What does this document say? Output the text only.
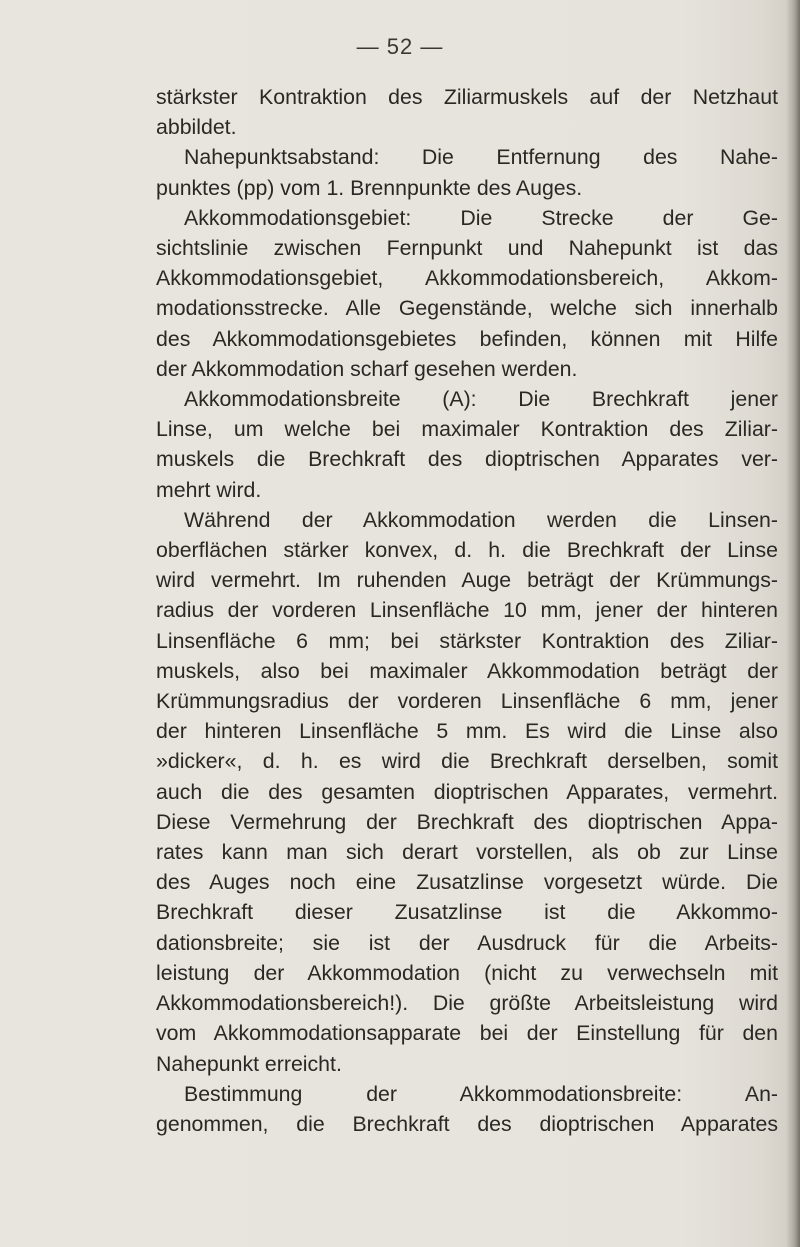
— 52 —
stärkster Kontraktion des Ziliarmuskels auf der Netzhaut
abbildet.
Nahepunktsabstand: Die Entfernung des Nahe-
punktes (pp) vom 1. Brennpunkte des Auges.
Akkommodationsgebiet: Die Strecke der Ge-
sichtslinie zwischen Fernpunkt und Nahepunkt ist das
Akkommodationsgebiet, Akkommodationsbereich, Akkom-
modationsstrecke. Alle Gegenstände, welche sich innerhalb
des Akkommodationsgebietes befinden, können mit Hilfe
der Akkommodation scharf gesehen werden.
Akkommodationsbreite (A): Die Brechkraft jener
Linse, um welche bei maximaler Kontraktion des Ziliar-
muskels die Brechkraft des dioptrischen Apparates ver-
mehrt wird.
Während der Akkommodation werden die Linsen-
oberflächen stärker konvex, d. h. die Brechkraft der Linse
wird vermehrt. Im ruhenden Auge beträgt der Krümmungs-
radius der vorderen Linsenfläche 10 mm, jener der hinteren
Linsenfläche 6 mm; bei stärkster Kontraktion des Ziliar-
muskels, also bei maximaler Akkommodation beträgt der
Krümmungsradius der vorderen Linsenfläche 6 mm, jener
der hinteren Linsenfläche 5 mm. Es wird die Linse also
»dicker«, d. h. es wird die Brechkraft derselben, somit
auch die des gesamten dioptrischen Apparates, vermehrt.
Diese Vermehrung der Brechkraft des dioptrischen Appa-
rates kann man sich derart vorstellen, als ob zur Linse
des Auges noch eine Zusatzlinse vorgesetzt würde. Die
Brechkraft dieser Zusatzlinse ist die Akkommo-
dationsbreite; sie ist der Ausdruck für die Arbeits-
leistung der Akkommodation (nicht zu verwechseln mit
Akkommodationsbereich!). Die größte Arbeitsleistung wird
vom Akkommodationsapparate bei der Einstellung für den
Nahepunkt erreicht.
Bestimmung der Akkommodationsbreite: An-
genommen, die Brechkraft des dioptrischen Apparates
